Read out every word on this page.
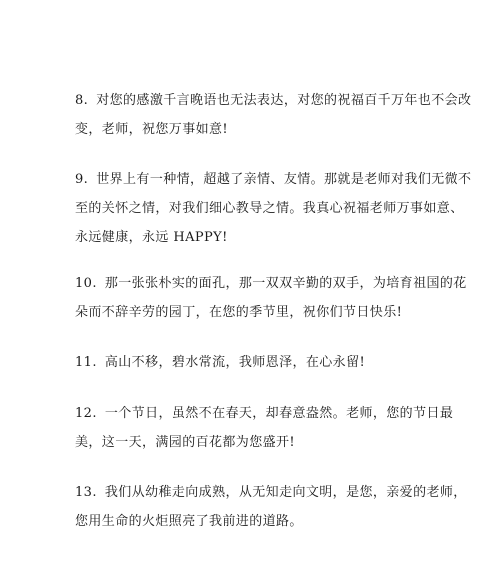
8. 对您的感激千言晚语也无法表达，对您的祝福百千万年也不会改
变，老师，祝您万事如意!

9. 世界上有一种情，超越了亲情、友情。那就是老师对我们无微不
至的关怀之情，对我们细心教导之情。我真心祝福老师万事如意、
永远健康，永远 HAPPY!

10. 那一张张朴实的面孔，那一双双辛勤的双手，为培育祖国的花
朵而不辞辛劳的园丁，在您的季节里，祝你们节日快乐!

11. 高山不移，碧水常流，我师恩泽，在心永留!

12. 一个节日，虽然不在春天，却春意盎然。老师，您的节日最
美，这一天，满园的百花都为您盛开!

13. 我们从幼稚走向成熟，从无知走向文明，是您，亲爱的老师，
您用生命的火炬照亮了我前进的道路。
